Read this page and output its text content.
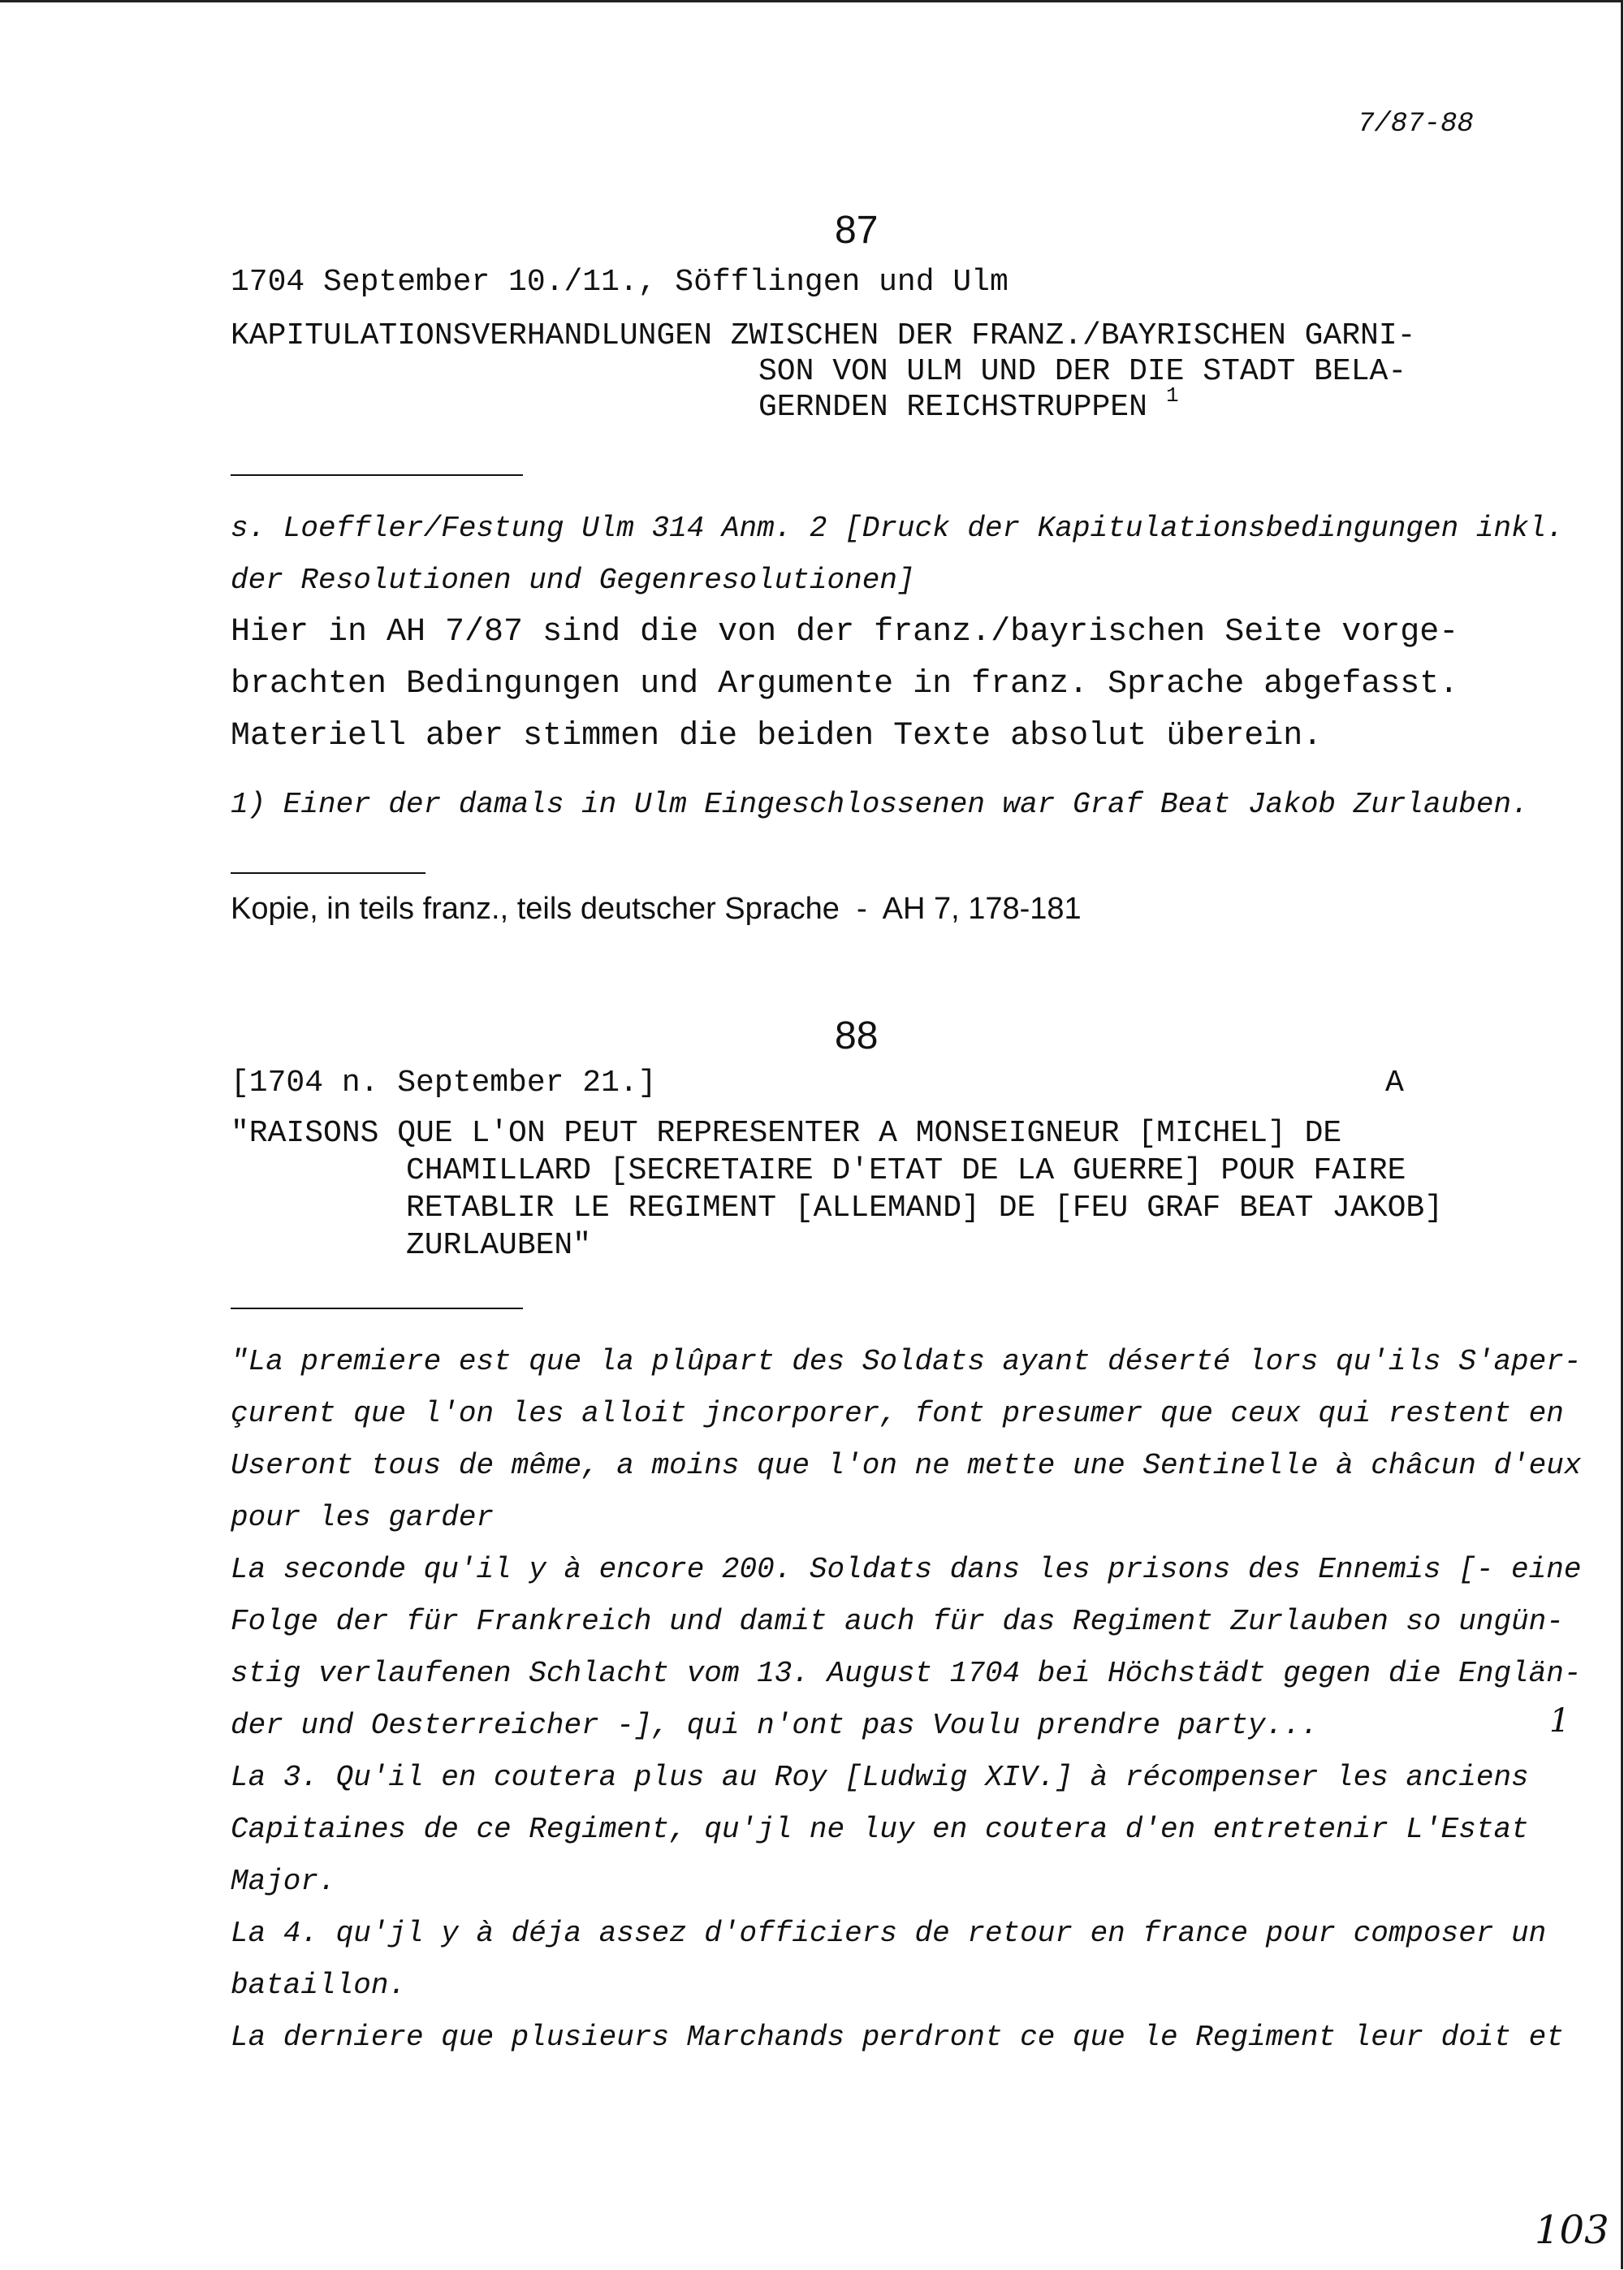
7/87-88
87
1704 September 10./11., Söfflingen und Ulm
KAPITULATIONSVERHANDLUNGEN ZWISCHEN DER FRANZ./BAYRISCHEN GARNI-
SON VON ULM UND DER DIE STADT BELA-
GERNDEN REICHSTRUPPEN 1
s. Loeffler/Festung Ulm 314 Anm. 2 [Druck der Kapitulationsbedingungen inkl.
der Resolutionen und Gegenresolutionen]
Hier in AH 7/87 sind die von der franz./bayrischen Seite vorge-
brachten Bedingungen und Argumente in franz. Sprache abgefasst.
Materiell aber stimmen die beiden Texte absolut überein.
1) Einer der damals in Ulm Eingeschlossenen war Graf Beat Jakob Zurlauben.
Kopie, in teils franz., teils deutscher Sprache  -  AH 7, 178-181
88
[1704 n. September 21.]	A
"RAISONS QUE L'ON PEUT REPRESENTER A MONSEIGNEUR [MICHEL] DE
CHAMILLARD [SECRETAIRE D'ETAT DE LA GUERRE] POUR FAIRE
RETABLIR LE REGIMENT [ALLEMAND] DE [FEU GRAF BEAT JAKOB]
ZURLAUBEN"
"La premiere est que la plûpart des Soldats ayant déserté lors qu'ils S'aper-
çurent que l'on les alloit jncorporer, font presumer que ceux qui restent en
Useront tous de même, a moins que l'on ne mette une Sentinelle à châcun d'eux
pour les garder
La seconde qu'il y à encore 200. Soldats dans les prisons des Ennemis [- eine
Folge der für Frankreich und damit auch für das Regiment Zurlauben so ungün-
stig verlaufenen Schlacht vom 13. August 1704 bei Höchstädt gegen die Englän-
der und Oesterreicher -], qui n'ont pas Voulu prendre party...
La 3. Qu'il en coutera plus au Roy [Ludwig XIV.] à récompenser les anciens
Capitaines de ce Regiment, qu'jl ne luy en coutera d'en entretenir L'Estat
Major.
La 4. qu'jl y à déja assez d'officiers de retour en france pour composer un
bataillon.
La derniere que plusieurs Marchands perdront ce que le Regiment leur doit et
1
103
